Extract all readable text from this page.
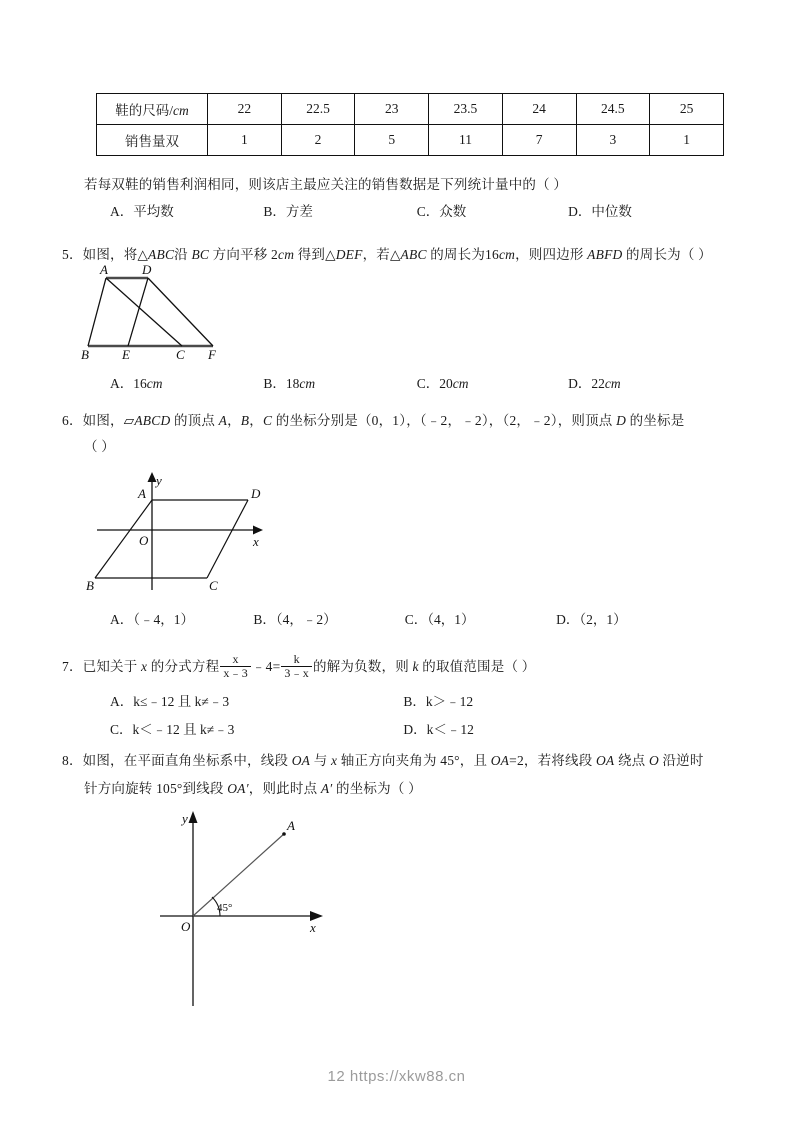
鞋的尺码/cm	22	22.5	23	23.5	24	24.5	25
销售量双	1	2	5	11	7	3	1
若每双鞋的销售利润相同，则该店主最应关注的销售数据是下列统计量中的（ ）
A．平均数	B．方差	C．众数	D．中位数
5．如图，将△ABC沿 BC 方向平移 2cm 得到△DEF，若△ABC 的周长为16cm，则四边形 ABFD 的周长为（ ）
A	D
B	E	C F
A．16cm	B．18cm	C．20cm	D．22cm
6．如图，▱ABCD 的顶点 A，B，C 的坐标分别是（0，1），（﹣2，﹣2），（2，﹣2），则顶点 D 的坐标是
（ ）
A	D
B	C
O	x
y
A．（﹣4，1）	B．（4，﹣2）	C．（4，1）	D．（2，1）
7．已知关于 x 的分式方程 $\frac{x}{x﹣3}$ ﹣4= $\frac{k}{3﹣x}$ 的解为负数，则 k 的取值范围是（ ）
A．k≤﹣12 且 k≠﹣3	B．k＞﹣12
C．k＜﹣12 且 k≠﹣3	D．k＜﹣12
8．如图，在平面直角坐标系中，线段 OA 与 x 轴正方向夹角为 45°，且 OA=2，若将线段 OA 绕点 O 沿逆时
针方向旋转 105°到线段 OA′，则此时点 A′ 的坐标为（ ）
A
O	x
y
45°
12 https://xkw88.cn
